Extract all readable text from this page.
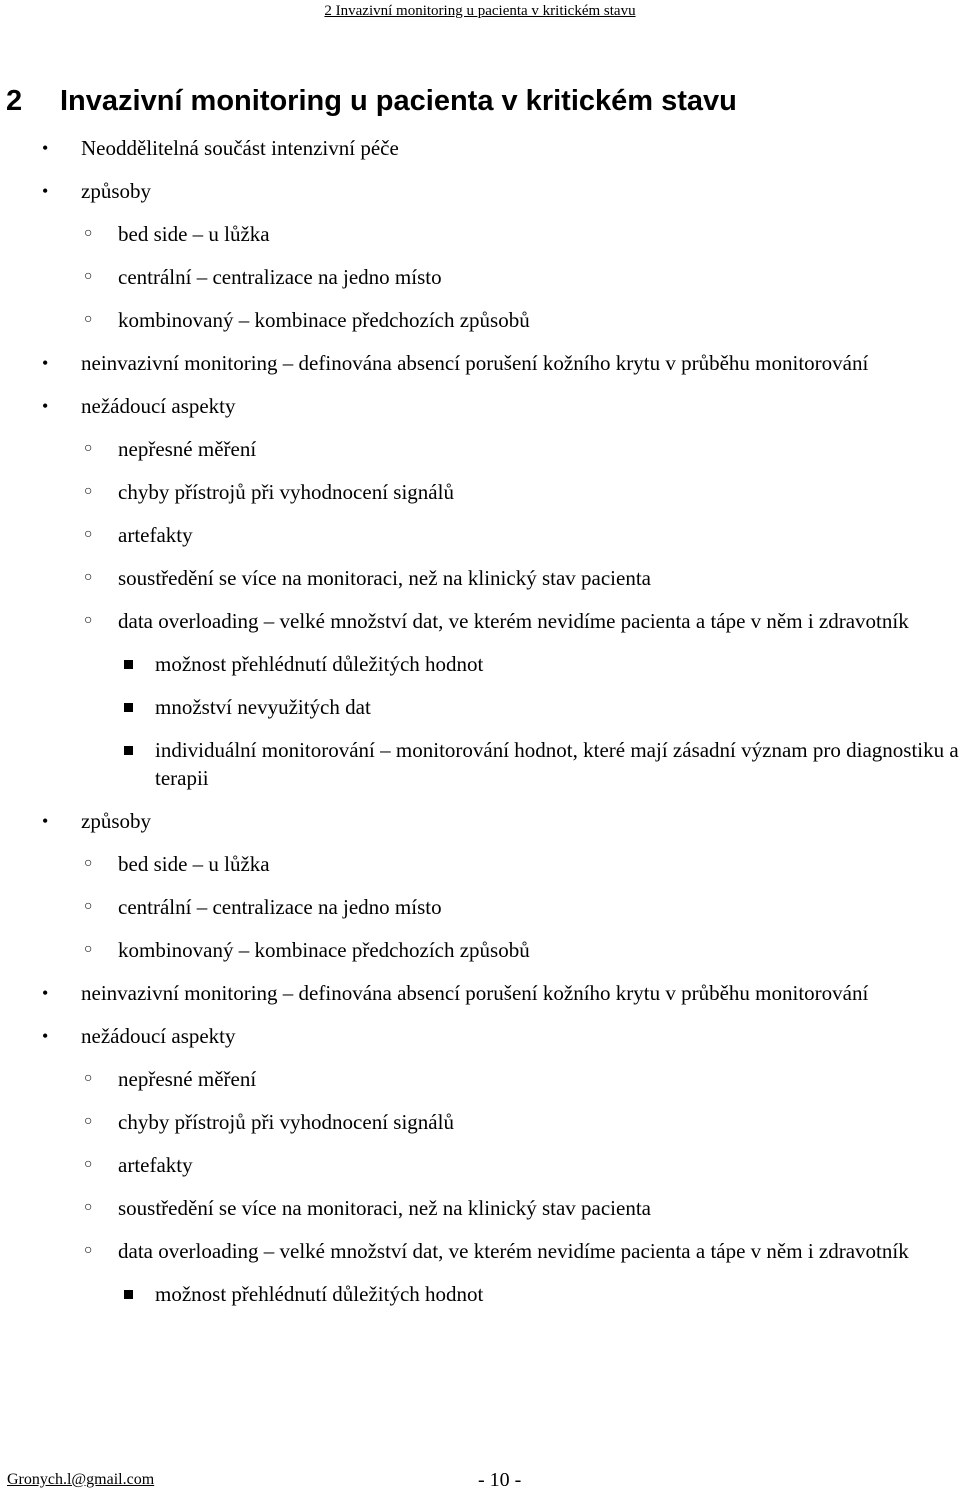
2 Invazivní monitoring u pacienta v kritickém stavu
2 Invazivní monitoring u pacienta v kritickém stavu
• Neoddělitelná součást intenzivní péče
• způsoby
○ bed side – u lůžka
○ centrální – centralizace na jedno místo
○ kombinovaný – kombinace předchozích způsobů
• neinvazivní monitoring – definována absencí porušení kožního krytu v průběhu monitorování
• nežádoucí aspekty
○ nepřesné měření
○ chyby přístrojů při vyhodnocení signálů
○ artefakty
○ soustředění se více na monitoraci, než na klinický stav pacienta
○ data overloading – velké množství dat, ve kterém nevidíme pacienta a tápe v něm i zdravotník
možnost přehlédnutí důležitých hodnot
množství nevyužitých dat
individuální monitorování – monitorování hodnot, které mají zásadní význam pro diagnostiku a terapii
• způsoby
○ bed side – u lůžka
○ centrální – centralizace na jedno místo
○ kombinovaný – kombinace předchozích způsobů
• neinvazivní monitoring – definována absencí porušení kožního krytu v průběhu monitorování
• nežádoucí aspekty
○ nepřesné měření
○ chyby přístrojů při vyhodnocení signálů
○ artefakty
○ soustředění se více na monitoraci, než na klinický stav pacienta
○ data overloading – velké množství dat, ve kterém nevidíme pacienta a tápe v něm i zdravotník
možnost přehlédnutí důležitých hodnot
Gronych.l@gmail.com	- 10 -
